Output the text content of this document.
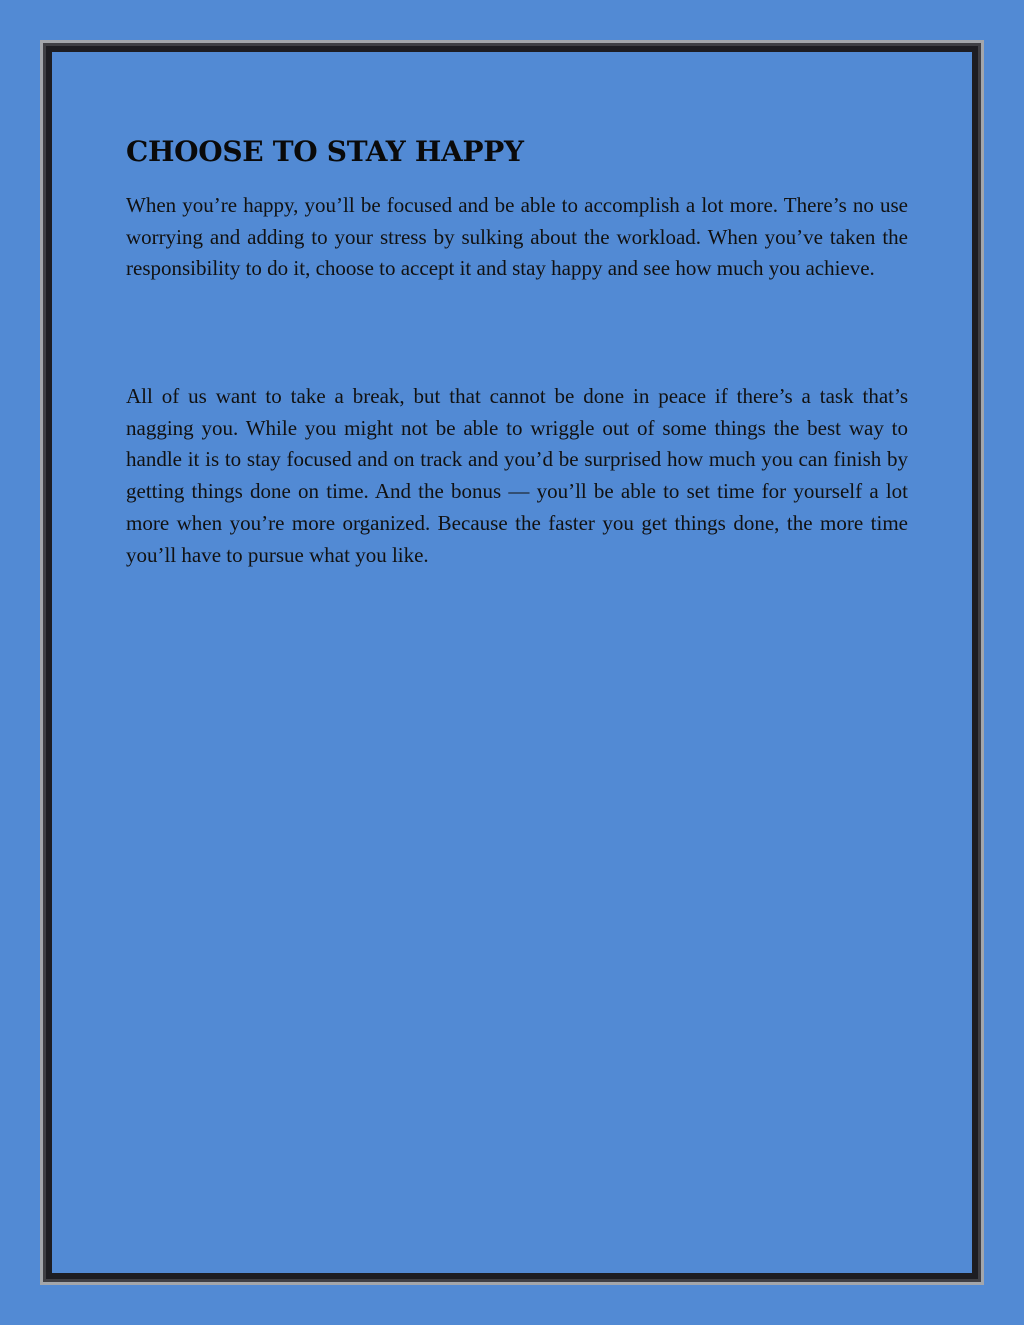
CHOOSE TO STAY HAPPY

When you’re happy, you’ll be focused and be able to accomplish a lot more. There’s no use worrying and adding to your stress by sulking about the workload. When you’ve taken the responsibility to do it, choose to accept it and stay happy and see how much you achieve.

All of us want to take a break, but that cannot be done in peace if there’s a task that’s nagging you. While you might not be able to wriggle out of some things the best way to handle it is to stay focused and on track and you’d be surprised how much you can finish by getting things done on time. And the bonus — you’ll be able to set time for yourself a lot more when you’re more organized. Because the faster you get things done, the more time you’ll have to pursue what you like.
